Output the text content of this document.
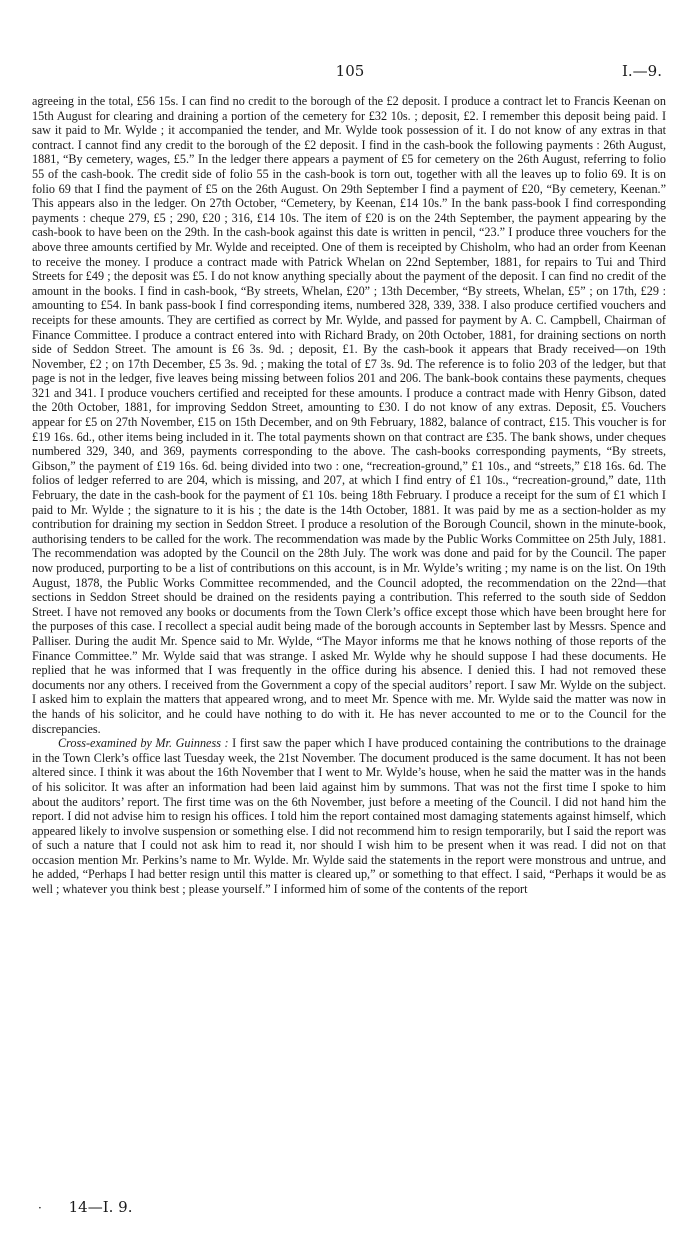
105	I.—9.

agreeing in the total, £56 15s. I can find no credit to the borough of the £2 deposit. I produce a contract let to Francis Keenan on 15th August for clearing and draining a portion of the cemetery for £32 10s. ; deposit, £2. I remember this deposit being paid. I saw it paid to Mr. Wylde ; it accompanied the tender, and Mr. Wylde took possession of it. I do not know of any extras in that contract. I cannot find any credit to the borough of the £2 deposit. I find in the cash-book the following payments : 26th August, 1881, “By cemetery, wages, £5.” In the ledger there appears a payment of £5 for cemetery on the 26th August, referring to folio 55 of the cash-book. The credit side of folio 55 in the cash-book is torn out, together with all the leaves up to folio 69. It is on folio 69 that I find the payment of £5 on the 26th August. On 29th September I find a payment of £20, “By cemetery, Keenan.” This appears also in the ledger. On 27th October, “Cemetery, by Keenan, £14 10s.” In the bank pass-book I find corresponding payments : cheque 279, £5 ; 290, £20 ; 316, £14 10s. The item of £20 is on the 24th September, the payment appearing by the cash-book to have been on the 29th. In the cash-book against this date is written in pencil, “23.” I produce three vouchers for the above three amounts certified by Mr. Wylde and receipted. One of them is receipted by Chisholm, who had an order from Keenan to receive the money. I produce a contract made with Patrick Whelan on 22nd September, 1881, for repairs to Tui and Third Streets for £49 ; the deposit was £5. I do not know anything specially about the payment of the deposit. I can find no credit of the amount in the books. I find in cash-book, “By streets, Whelan, £20” ; 13th December, “By streets, Whelan, £5” ; on 17th, £29 : amounting to £54. In bank pass-book I find corresponding items, numbered 328, 339, 338. I also produce certified vouchers and receipts for these amounts. They are certified as correct by Mr. Wylde, and passed for payment by A. C. Campbell, Chairman of Finance Committee. I produce a contract entered into with Richard Brady, on 20th October, 1881, for draining sections on north side of Seddon Street. The amount is £6 3s. 9d. ; deposit, £1. By the cash-book it appears that Brady received—on 19th November, £2 ; on 17th December, £5 3s. 9d. ; making the total of £7 3s. 9d. The reference is to folio 203 of the ledger, but that page is not in the ledger, five leaves being missing between folios 201 and 206. The bank-book contains these payments, cheques 321 and 341. I produce vouchers certified and receipted for these amounts. I produce a contract made with Henry Gibson, dated the 20th October, 1881, for improving Seddon Street, amounting to £30. I do not know of any extras. Deposit, £5. Vouchers appear for £5 on 27th November, £15 on 15th December, and on 9th February, 1882, balance of contract, £15. This voucher is for £19 16s. 6d., other items being included in it. The total payments shown on that contract are £35. The bank shows, under cheques numbered 329, 340, and 369, payments corresponding to the above. The cash-books corresponding payments, “By streets, Gibson,” the payment of £19 16s. 6d. being divided into two : one, “recreation-ground,” £1 10s., and “streets,” £18 16s. 6d. The folios of ledger referred to are 204, which is missing, and 207, at which I find entry of £1 10s., “recreation-ground,” date, 11th February, the date in the cash-book for the payment of £1 10s. being 18th February. I produce a receipt for the sum of £1 which I paid to Mr. Wylde ; the signature to it is his ; the date is the 14th October, 1881. It was paid by me as a section-holder as my contribution for draining my section in Seddon Street. I produce a resolution of the Borough Council, shown in the minute-book, authorising tenders to be called for the work. The recommendation was made by the Public Works Committee on 25th July, 1881. The recommendation was adopted by the Council on the 28th July. The work was done and paid for by the Council. The paper now produced, purporting to be a list of contributions on this account, is in Mr. Wylde’s writing ; my name is on the list. On 19th August, 1878, the Public Works Committee recommended, and the Council adopted, the recommendation on the 22nd—that sections in Seddon Street should be drained on the residents paying a contribution. This referred to the south side of Seddon Street. I have not removed any books or documents from the Town Clerk’s office except those which have been brought here for the purposes of this case. I recollect a special audit being made of the borough accounts in September last by Messrs. Spence and Palliser. During the audit Mr. Spence said to Mr. Wylde, “The Mayor informs me that he knows nothing of those reports of the Finance Committee.” Mr. Wylde said that was strange. I asked Mr. Wylde why he should suppose I had these documents. He replied that he was informed that I was frequently in the office during his absence. I denied this. I had not removed these documents nor any others. I received from the Government a copy of the special auditors’ report. I saw Mr. Wylde on the subject. I asked him to explain the matters that appeared wrong, and to meet Mr. Spence with me. Mr. Wylde said the matter was now in the hands of his solicitor, and he could have nothing to do with it. He has never accounted to me or to the Council for the discrepancies.

Cross-examined by Mr. Guinness : I first saw the paper which I have produced containing the contributions to the drainage in the Town Clerk’s office last Tuesday week, the 21st November. The document produced is the same document. It has not been altered since. I think it was about the 16th November that I went to Mr. Wylde’s house, when he said the matter was in the hands of his solicitor. It was after an information had been laid against him by summons. That was not the first time I spoke to him about the auditors’ report. The first time was on the 6th November, just before a meeting of the Council. I did not hand him the report. I did not advise him to resign his offices. I told him the report contained most damaging statements against himself, which appeared likely to involve suspension or something else. I did not recommend him to resign temporarily, but I said the report was of such a nature that I could not ask him to read it, nor should I wish him to be present when it was read. I did not on that occasion mention Mr. Perkins’s name to Mr. Wylde. Mr. Wylde said the statements in the report were monstrous and untrue, and he added, “Perhaps I had better resign until this matter is cleared up,” or something to that effect. I said, “Perhaps it would be as well ; whatever you think best ; please yourself.” I informed him of some of the contents of the report

· 14—I. 9.
